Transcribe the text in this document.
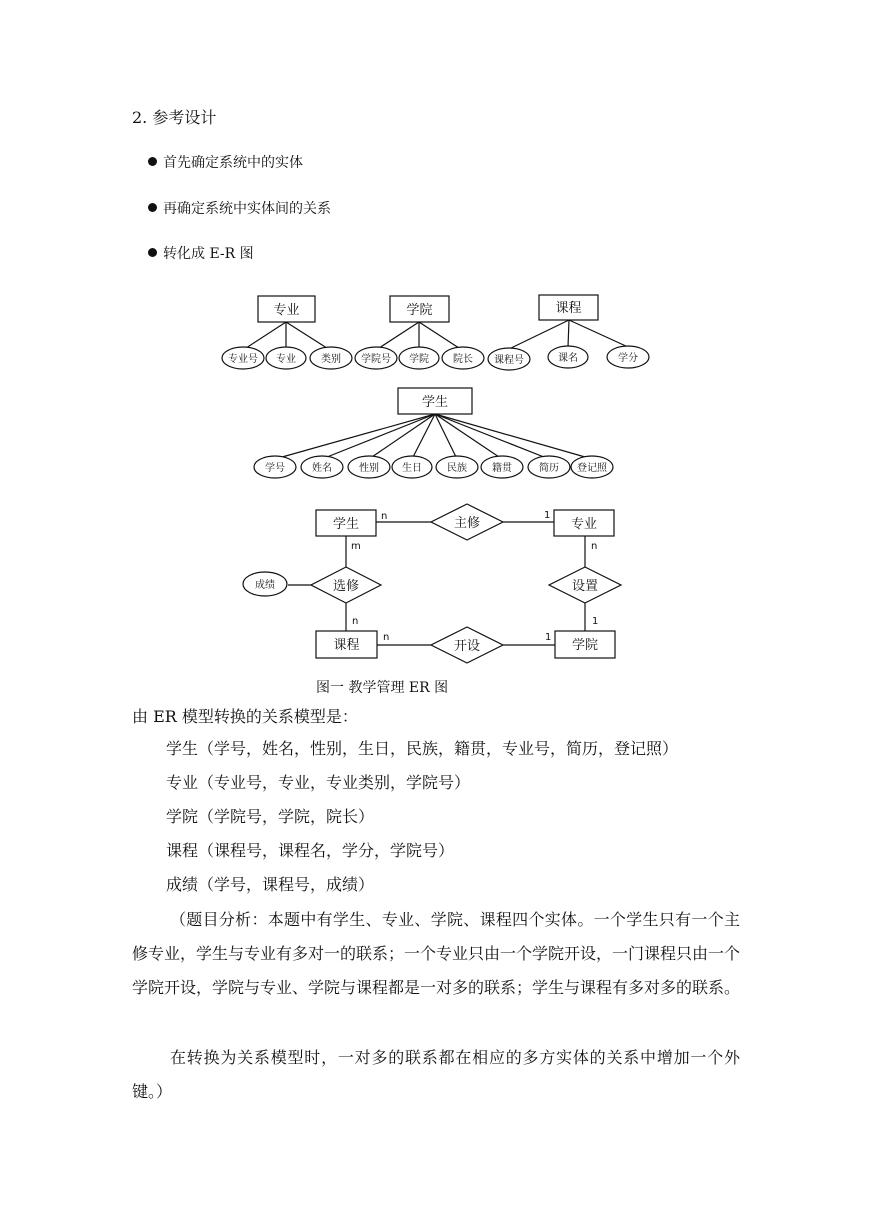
2. 参考设计
首先确定系统中的实体
再确定系统中实体间的关系
转化成 E-R 图
专业	学院	课程
专业号 专业	类别 学院号 学院 院长 课程号	课名	学分
学生
学号	姓名	性别 生日	民族	籍贯	简历 登记照
学生	专业
课程	学院
主修
选修	设置
开设
成绩
n	1
m
n
n
1
n	1
图一 教学管理 ER 图
由 ER 模型转换的关系模型是：
学生（学号，姓名，性别，生日，民族，籍贯，专业号，简历，登记照）
专业（专业号，专业，专业类别，学院号）
学院（学院号，学院，院长）
课程（课程号，课程名，学分，学院号）
成绩（学号，课程号，成绩）
（题目分析：本题中有学生、专业、学院、课程四个实体。一个学生只有一个主修专业，学生与专业有多对一的联系；一个专业只由一个学院开设，一门课程只由一个学院开设，学院与专业、学院与课程都是一对多的联系；学生与课程有多对多的联系。
在转换为关系模型时，一对多的联系都在相应的多方实体的关系中增加一个外键。）
